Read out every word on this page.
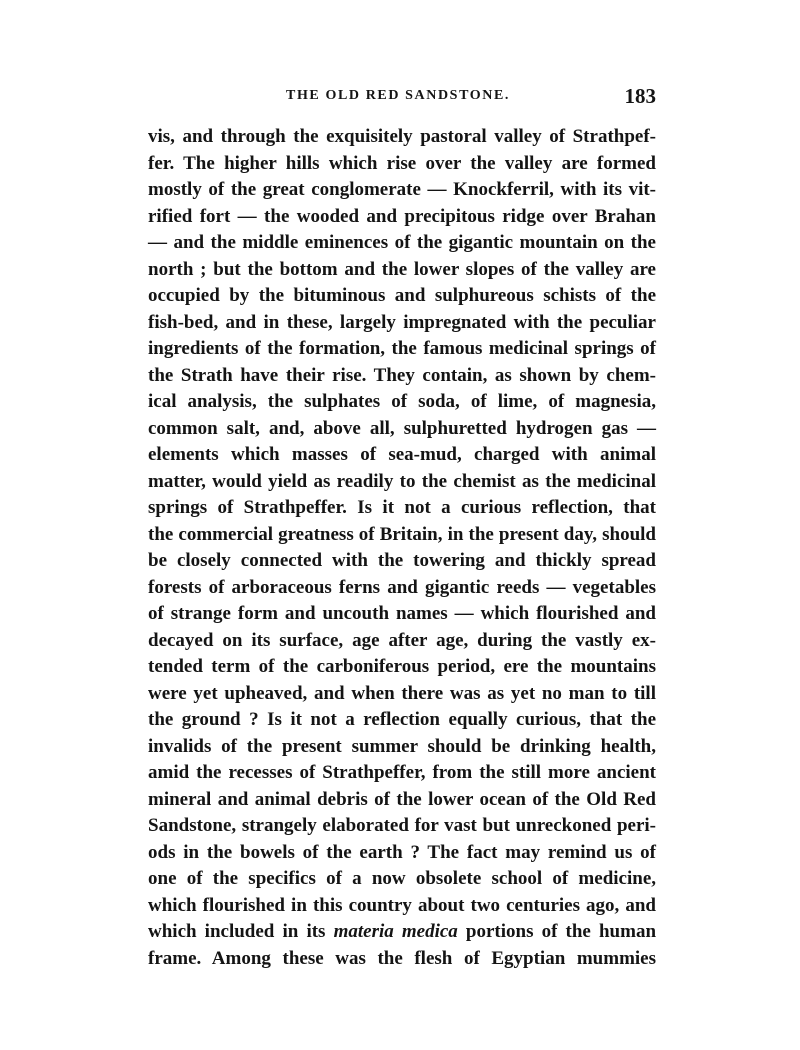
THE OLD RED SANDSTONE.	183
vis, and through the exquisitely pastoral valley of Strathpef-
fer. The higher hills which rise over the valley are formed
mostly of the great conglomerate — Knockferril, with its vit-
rified fort — the wooded and precipitous ridge over Brahan
— and the middle eminences of the gigantic mountain on the
north ; but the bottom and the lower slopes of the valley are
occupied by the bituminous and sulphureous schists of the
fish-bed, and in these, largely impregnated with the peculiar
ingredients of the formation, the famous medicinal springs of
the Strath have their rise. They contain, as shown by chem-
ical analysis, the sulphates of soda, of lime, of magnesia,
common salt, and, above all, sulphuretted hydrogen gas —
elements which masses of sea-mud, charged with animal
matter, would yield as readily to the chemist as the medicinal
springs of Strathpeffer. Is it not a curious reflection, that
the commercial greatness of Britain, in the present day, should
be closely connected with the towering and thickly spread
forests of arboraceous ferns and gigantic reeds — vegetables
of strange form and uncouth names — which flourished and
decayed on its surface, age after age, during the vastly ex-
tended term of the carboniferous period, ere the mountains
were yet upheaved, and when there was as yet no man to till
the ground ? Is it not a reflection equally curious, that the
invalids of the present summer should be drinking health,
amid the recesses of Strathpeffer, from the still more ancient
mineral and animal debris of the lower ocean of the Old Red
Sandstone, strangely elaborated for vast but unreckoned peri-
ods in the bowels of the earth ? The fact may remind us of
one of the specifics of a now obsolete school of medicine,
which flourished in this country about two centuries ago, and
which included in its materia medica portions of the human
frame. Among these was the flesh of Egyptian mummies
